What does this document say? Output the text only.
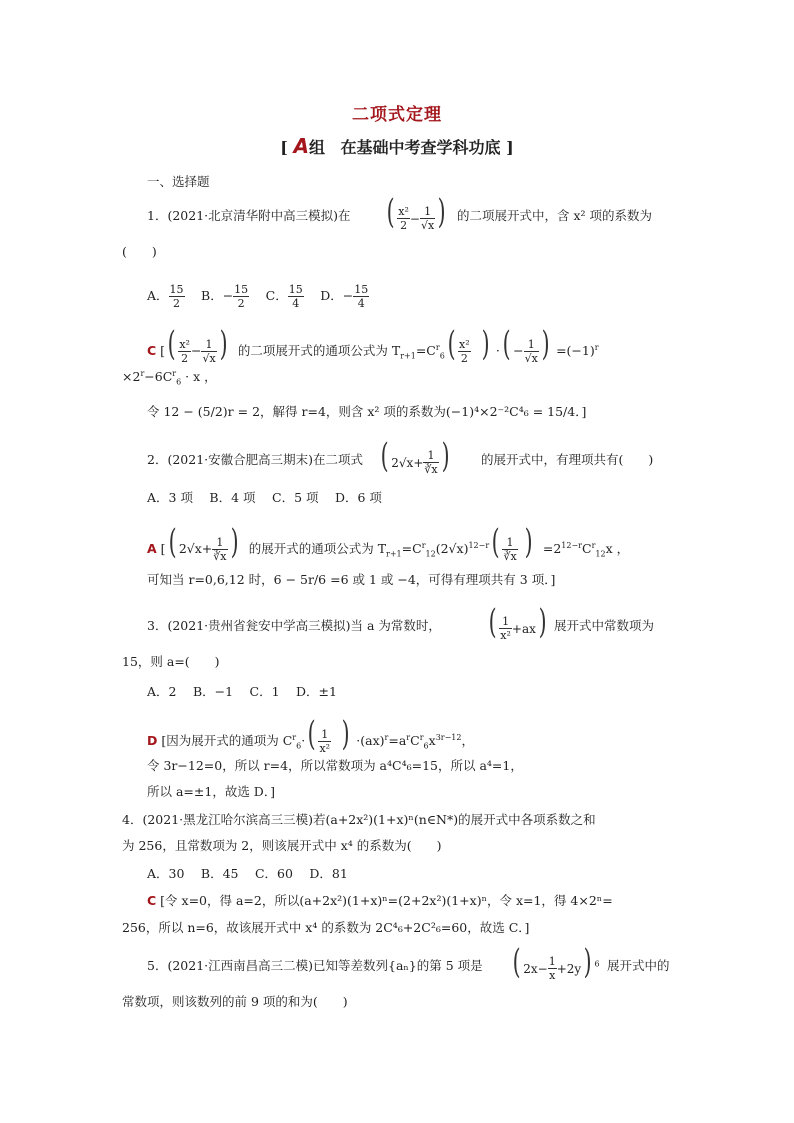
二项式定理
[ A组 在基础中考查学科功底 ]
一、选择题
1．(2021·北京清华附中高三模拟)在 ( $\frac{\text{x²}}{2} - \frac{1}{√x}$ ) 的二项展开式中，含 x² 项的系数为
(　　)
A． $\frac{15}{2}$ 　 B．− $\frac{15}{2}$ 　 C． $\frac{15}{4}$ 　 D．− $\frac{15}{4}$
C [( $\frac{\text{x²}}{2} - \frac{1}{√x}$ ) 的二项展开式的通项公式为 $T_{r+1}=C^r_6( \frac{\text{x²}}{2}$ ) ·( − $\frac{1}{√x}$ ) $=(-1)^r$
$\times 2^r-6C^r_6 \cdot x$ ，
令 12 − (5/2)r = 2，解得 r=4，则含 x² 项的系数为(−1)⁴×2⁻²C⁴₆ = 15/4．]
2．(2021·安徽合肥高三期末)在二项式 ( $2√x+ \frac{1}{∛x}$ )	的展开式中，有理项共有(　　)
A．3 项　 B．4 项　 C．5 项　 D．6 项
A [( $2√x+ \frac{1}{∛x}$ ) 的展开式的通项公式为 $T_{r+1}=C^r_{12}(2√x)^{12-r}( \frac{1}{∛x}$ ) $=2^{12-r}C^r_{12}x$ ，
可知当 r=0,6,12 时，6 − 5r/6 =6 或 1 或 −4，可得有理项共有 3 项．]
3．(2021·贵州省瓮安中学高三模拟)当 a 为常数时， ( $\frac{1}{\text{x²}} +ax$) 展开式中常数项为
15，则 a=(　　)
A．2　 B．−1　 C．1　 D．±1
D [因为展开式的通项为 $C^r_6\cdot( \frac{1}{\text{x²}}$ ) $\cdot(ax)^r=a^rC^r_6x^{3r-12}$，
令 3r−12=0，所以 r=4，所以常数项为 a⁴C⁴₆=15，所以 a⁴=1，
所以 a=±1，故选 D．]
4．(2021·黑龙江哈尔滨高三三模)若(a+2x²)(1+x)ⁿ(n∈N*)的展开式中各项系数之和
为 256，且常数项为 2，则该展开式中 x⁴ 的系数为(　　)
A．30　 B．45　 C．60　 D．81
C [令 x=0，得 a=2，所以(a+2x²)(1+x)ⁿ=(2+2x²)(1+x)ⁿ，令 x=1，得 4×2ⁿ=
256，所以 n=6，故该展开式中 x⁴ 的系数为 2C⁴₆+2C²₆=60，故选 C．]
5．(2021·江西南昌高三二模)已知等差数列{aₙ}的第 5 项是 ( $2x- \frac{1}{x} +2y$) $^6$ 展开式中的
常数项，则该数列的前 9 项的和为(　　)
